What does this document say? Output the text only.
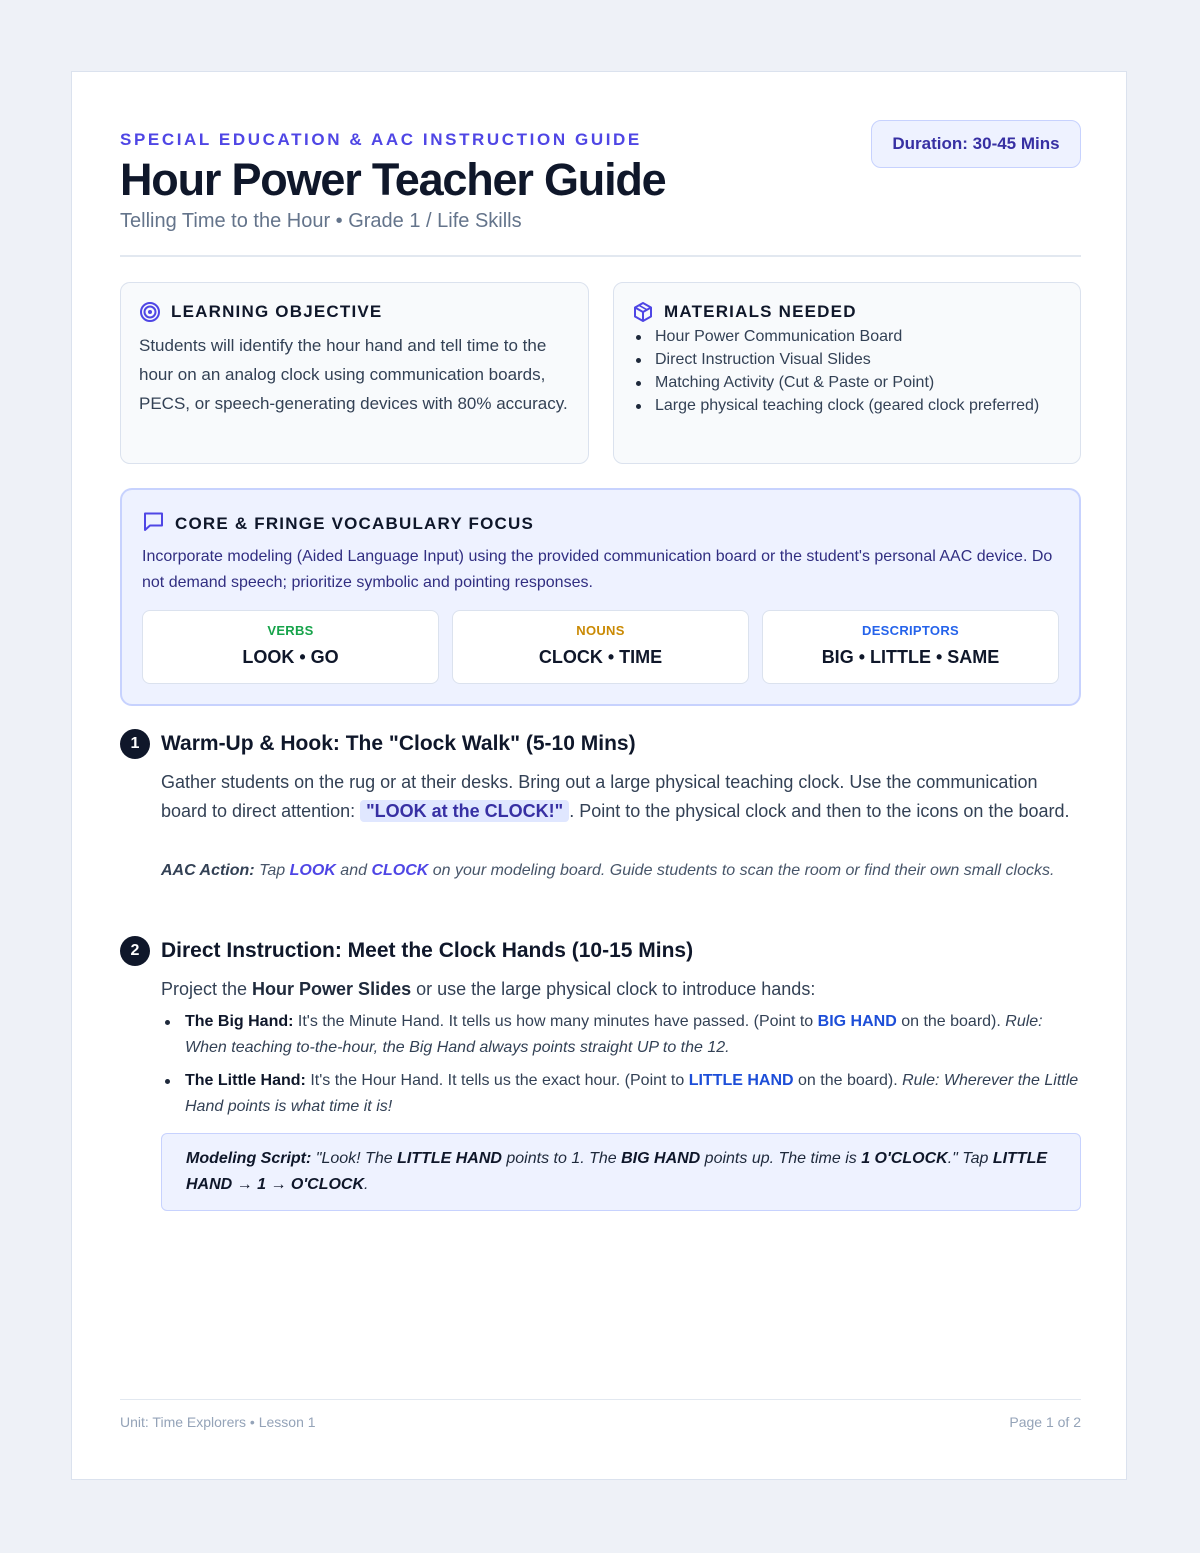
SPECIAL EDUCATION & AAC INSTRUCTION GUIDE
Hour Power Teacher Guide
Telling Time to the Hour • Grade 1 / Life Skills
Duration: 30-45 Mins
LEARNING OBJECTIVE

Students will identify the hour hand and tell time to the hour on an analog clock using communication boards, PECS, or speech-generating devices with 80% accuracy.

MATERIALS NEEDED
Hour Power Communication Board
Direct Instruction Visual Slides
Matching Activity (Cut & Paste or Point)
Large physical teaching clock (geared clock preferred)
CORE & FRINGE VOCABULARY FOCUS

Incorporate modeling (Aided Language Input) using the provided communication board or the student's personal AAC device. Do not demand speech; prioritize symbolic and pointing responses.

VERBS
LOOK • GO
NOUNS
CLOCK • TIME
DESCRIPTORS
BIG • LITTLE • SAME
1	Warm-Up & Hook: The "Clock Walk" (5-10 Mins)

Gather students on the rug or at their desks. Bring out a large physical teaching clock. Use the communication board to direct attention: "LOOK at the CLOCK!" . Point to the physical clock and then to the icons on the board.

AAC Action: Tap LOOK and CLOCK on your modeling board. Guide students to scan the room or find their own small clocks.

2	Direct Instruction: Meet the Clock Hands (10-15 Mins)

Project the Hour Power Slides or use the large physical clock to introduce hands:

The Big Hand: It's the Minute Hand. It tells us how many minutes have passed. (Point to BIG HAND on the board). Rule: When teaching to-the-hour, the Big Hand always points straight UP to the 12.
The Little Hand: It's the Hour Hand. It tells us the exact hour. (Point to LITTLE HAND on the board). Rule: Wherever the Little Hand points is what time it is!
Modeling Script: "Look! The LITTLE HAND points to 1. The BIG HAND points up. The time is 1 O'CLOCK." Tap LITTLE HAND → 1 → O'CLOCK.
Unit: Time Explorers • Lesson 1	Page 1 of 2
